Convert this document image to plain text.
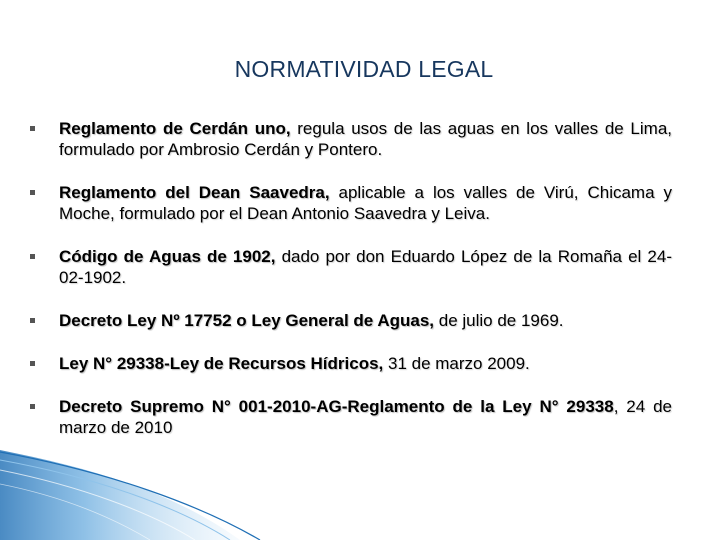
NORMATIVIDAD LEGAL
Reglamento de Cerdán uno, regula usos de las aguas en los valles de Lima, formulado por Ambrosio Cerdán y Pontero.
Reglamento del Dean Saavedra, aplicable a los valles de Virú, Chicama y Moche, formulado por el Dean Antonio Saavedra y Leiva.
Código de Aguas de 1902, dado por don Eduardo López de la Romaña el 24-02-1902.
Decreto Ley Nº 17752 o Ley General de Aguas, de julio de 1969.
Ley N° 29338-Ley de Recursos Hídricos, 31 de marzo 2009.
Decreto Supremo N° 001-2010-AG-Reglamento de la Ley N° 29338, 24 de marzo de 2010
